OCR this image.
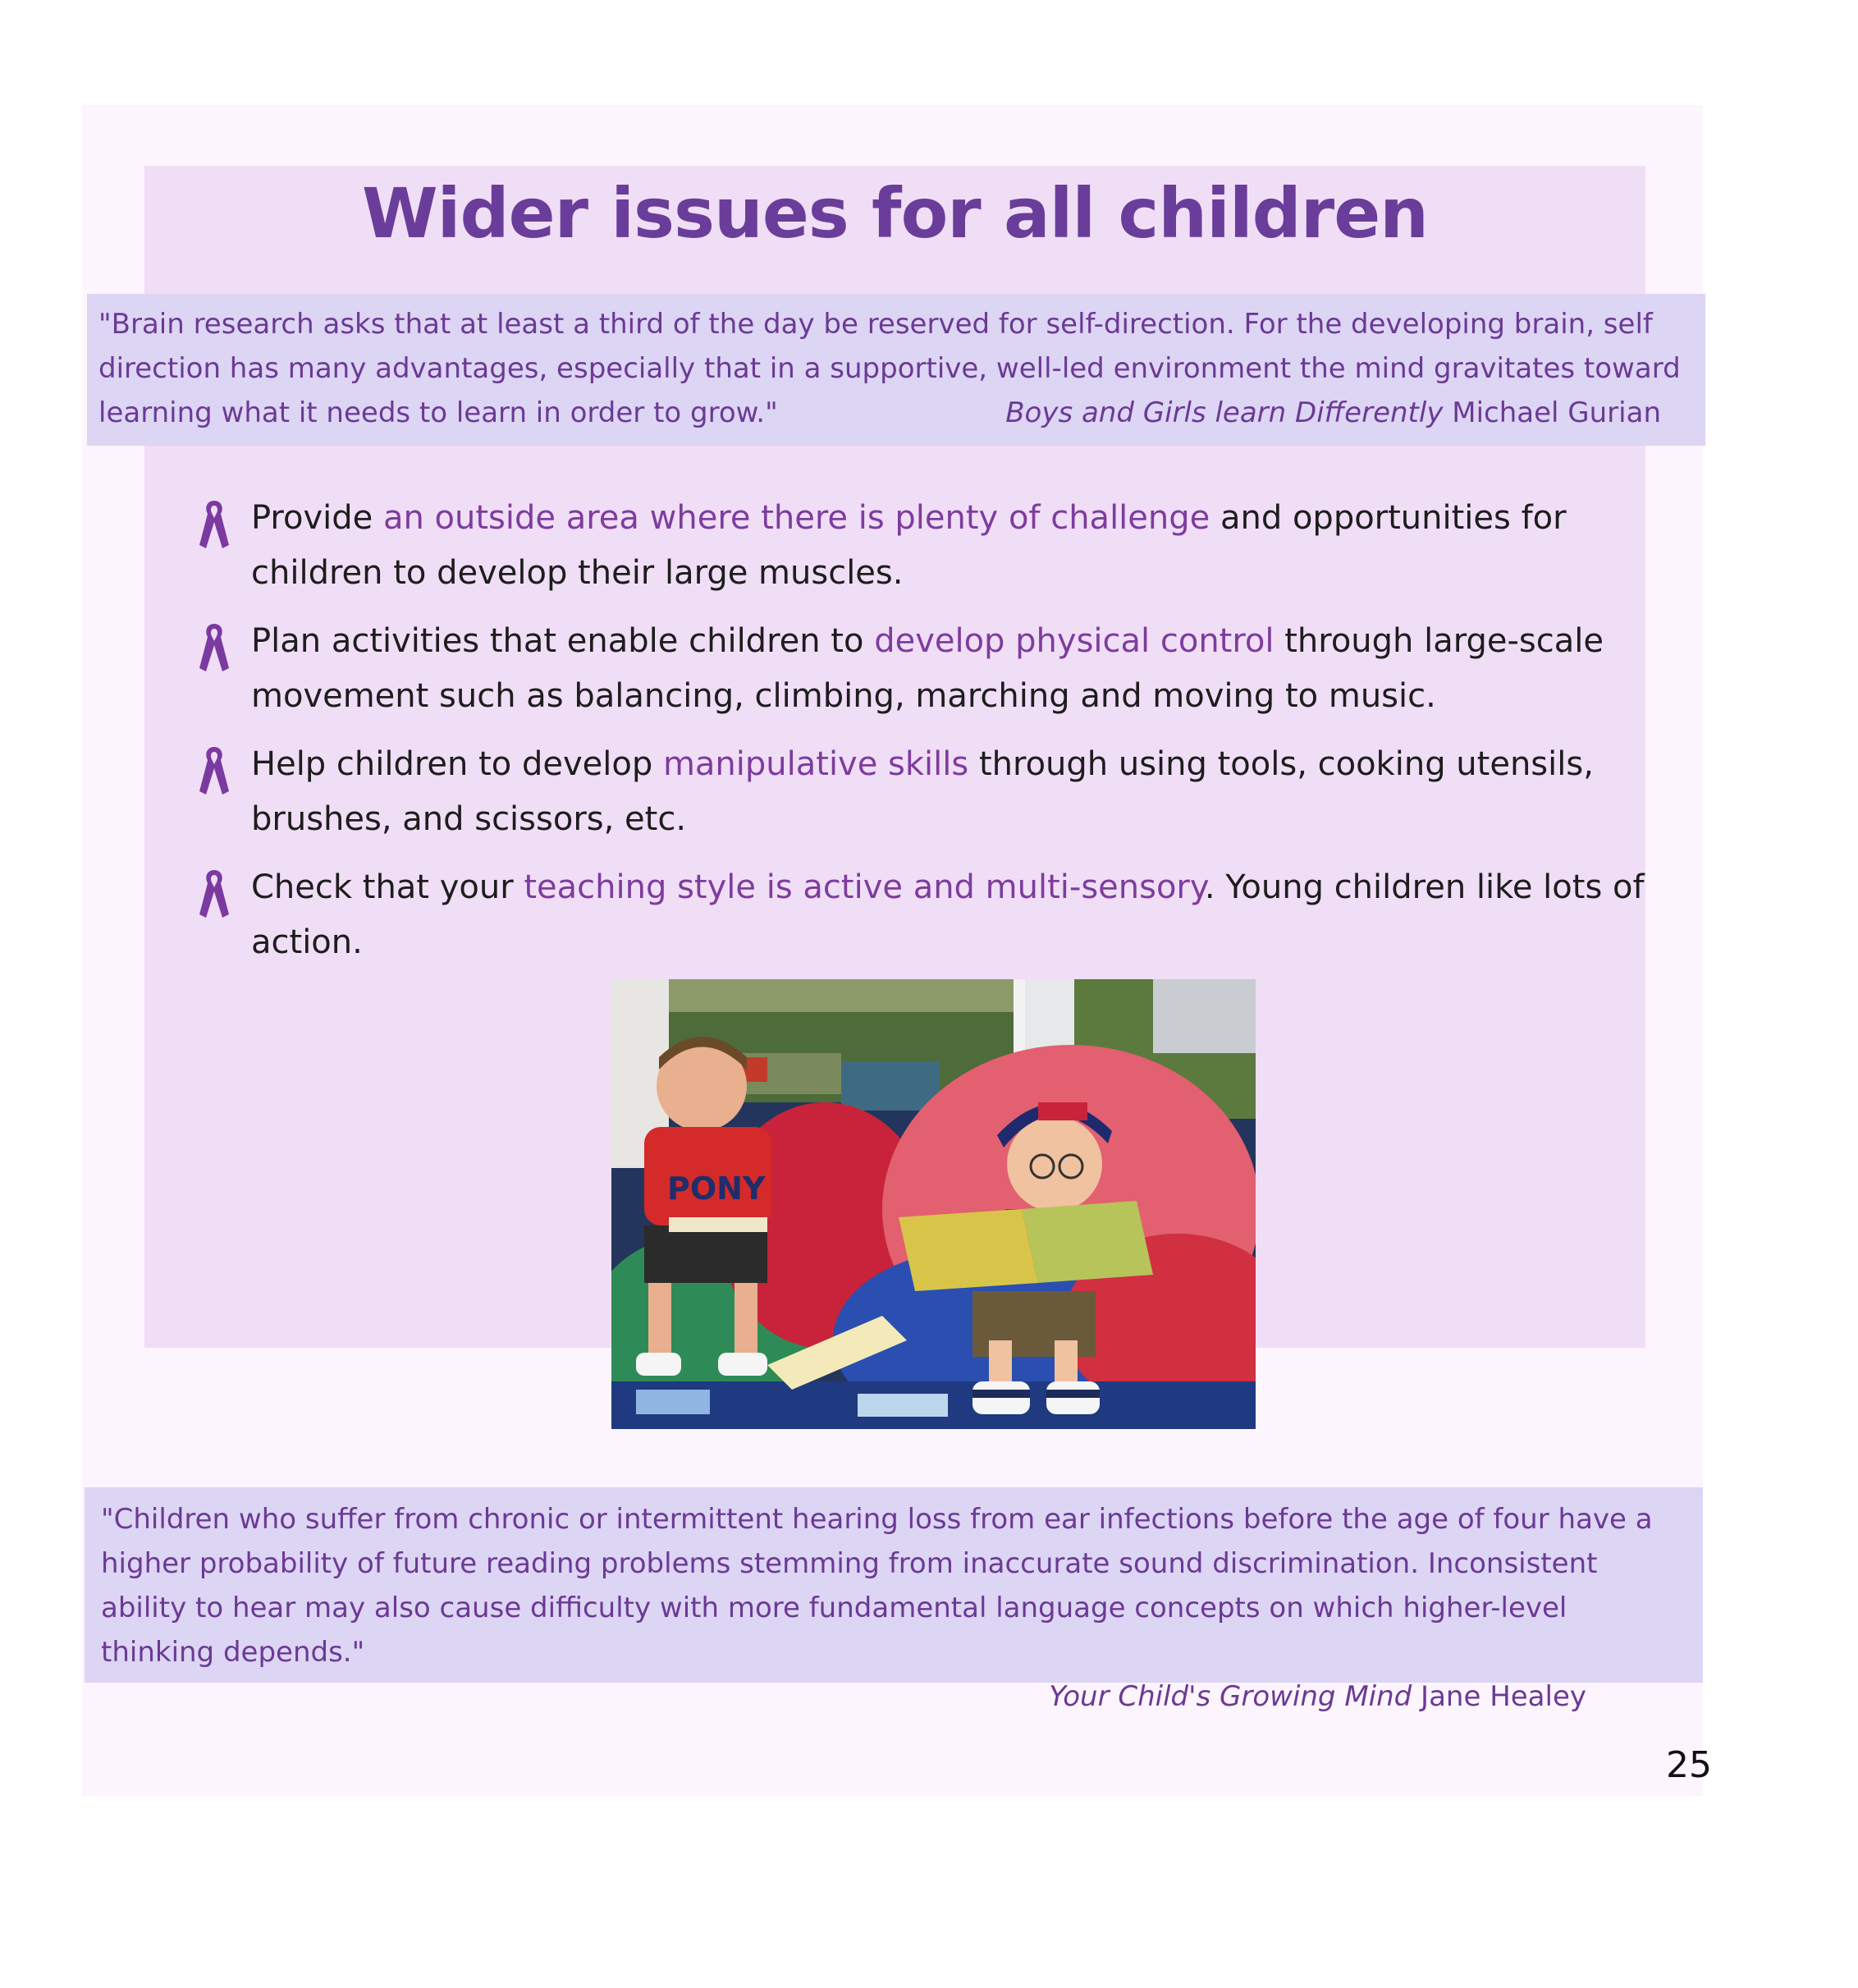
Wider issues for all children

"Brain research asks that at least a third of the day be reserved for self-direction. For the developing brain, self direction has many advantages, especially that in a supportive, well-led environment the mind gravitates toward learning what it needs to learn in order to grow."	Boys and Girls learn Differently Michael Gurian

Provide an outside area where there is plenty of challenge and opportunities for children to develop their large muscles.
Plan activities that enable children to develop physical control through large-scale movement such as balancing, climbing, marching and moving to music.
Help children to develop manipulative skills through using tools, cooking utensils, brushes, and scissors, etc.
Check that your teaching style is active and multi-sensory. Young children like lots of action.
PONY

"Children who suffer from chronic or intermittent hearing loss from ear infections before the age of four have a higher probability of future reading problems stemming from inaccurate sound discrimination. Inconsistent ability to hear may also cause difficulty with more fundamental language concepts on which higher-level thinking depends."

Your Child's Growing Mind Jane Healey

25
